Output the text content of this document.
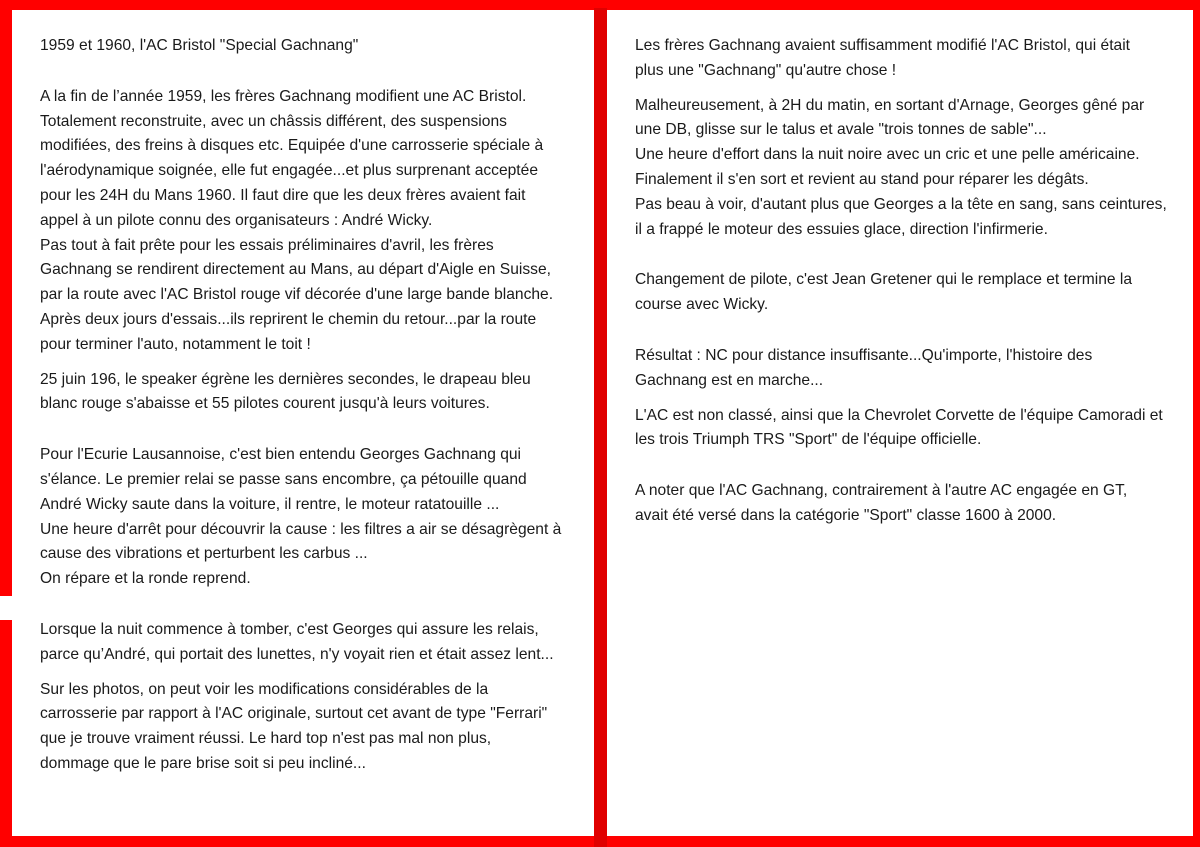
1959 et 1960, l'AC Bristol "Special Gachnang"
A la fin de l’année 1959, les frères Gachnang modifient une AC Bristol.
Totalement reconstruite, avec un châssis différent, des suspensions
modifiées, des freins à disques etc. Equipée d'une carrosserie spéciale à
l'aérodynamique soignée, elle fut engagée...et plus surprenant acceptée
pour les 24H du Mans 1960. Il faut dire que les deux frères avaient fait
appel à un pilote connu des organisateurs : André Wicky.
Pas tout à fait prête pour les essais préliminaires d'avril, les frères
Gachnang se rendirent directement au Mans, au départ d'Aigle en Suisse,
par la route avec l'AC Bristol rouge vif décorée d'une large bande blanche.
Après deux jours d'essais...ils reprirent le chemin du retour...par la route
pour terminer l'auto, notamment le toit !
25 juin 196, le speaker égrène les dernières secondes, le drapeau bleu
blanc rouge s'abaisse et 55 pilotes courent jusqu'à leurs voitures.
Pour l'Ecurie Lausannoise, c'est bien entendu Georges Gachnang qui
s'élance. Le premier relai se passe sans encombre, ça pétouille quand
André Wicky saute dans la voiture, il rentre, le moteur ratatouille ...
Une heure d'arrêt pour découvrir la cause : les filtres a air se désagrègent à
cause des vibrations et perturbent les carbus ...
On répare et la ronde reprend.
Lorsque la nuit commence à tomber, c'est Georges qui assure les relais,
parce qu’André, qui portait des lunettes, n'y voyait rien et était assez lent...
Sur les photos, on peut voir les modifications considérables de la
carrosserie par rapport à l'AC originale, surtout cet avant de type "Ferrari"
que je trouve vraiment réussi. Le hard top n'est pas mal non plus,
dommage que le pare brise soit si peu incliné...
Les frères Gachnang avaient suffisamment modifié l'AC Bristol, qui était
plus une "Gachnang" qu'autre chose !
Malheureusement, à 2H du matin, en sortant d'Arnage, Georges gêné par
une DB, glisse sur le talus et avale "trois tonnes de sable"...
Une heure d'effort dans la nuit noire avec un cric et une pelle américaine.
Finalement il s'en sort et revient au stand pour réparer les dégâts.
Pas beau à voir, d'autant plus que Georges a la tête en sang, sans ceintures,
il a frappé le moteur des essuies glace, direction l'infirmerie.
Changement de pilote, c'est Jean Gretener qui le remplace et termine la
course avec Wicky.
Résultat : NC pour distance insuffisante...Qu'importe, l'histoire des
Gachnang est en marche...
L'AC est non classé, ainsi que la Chevrolet Corvette de l'équipe Camoradi et
les trois Triumph TRS "Sport" de l'équipe officielle.
A noter que l'AC Gachnang, contrairement à l'autre AC engagée en GT,
avait été versé dans la catégorie "Sport" classe 1600 à 2000.
